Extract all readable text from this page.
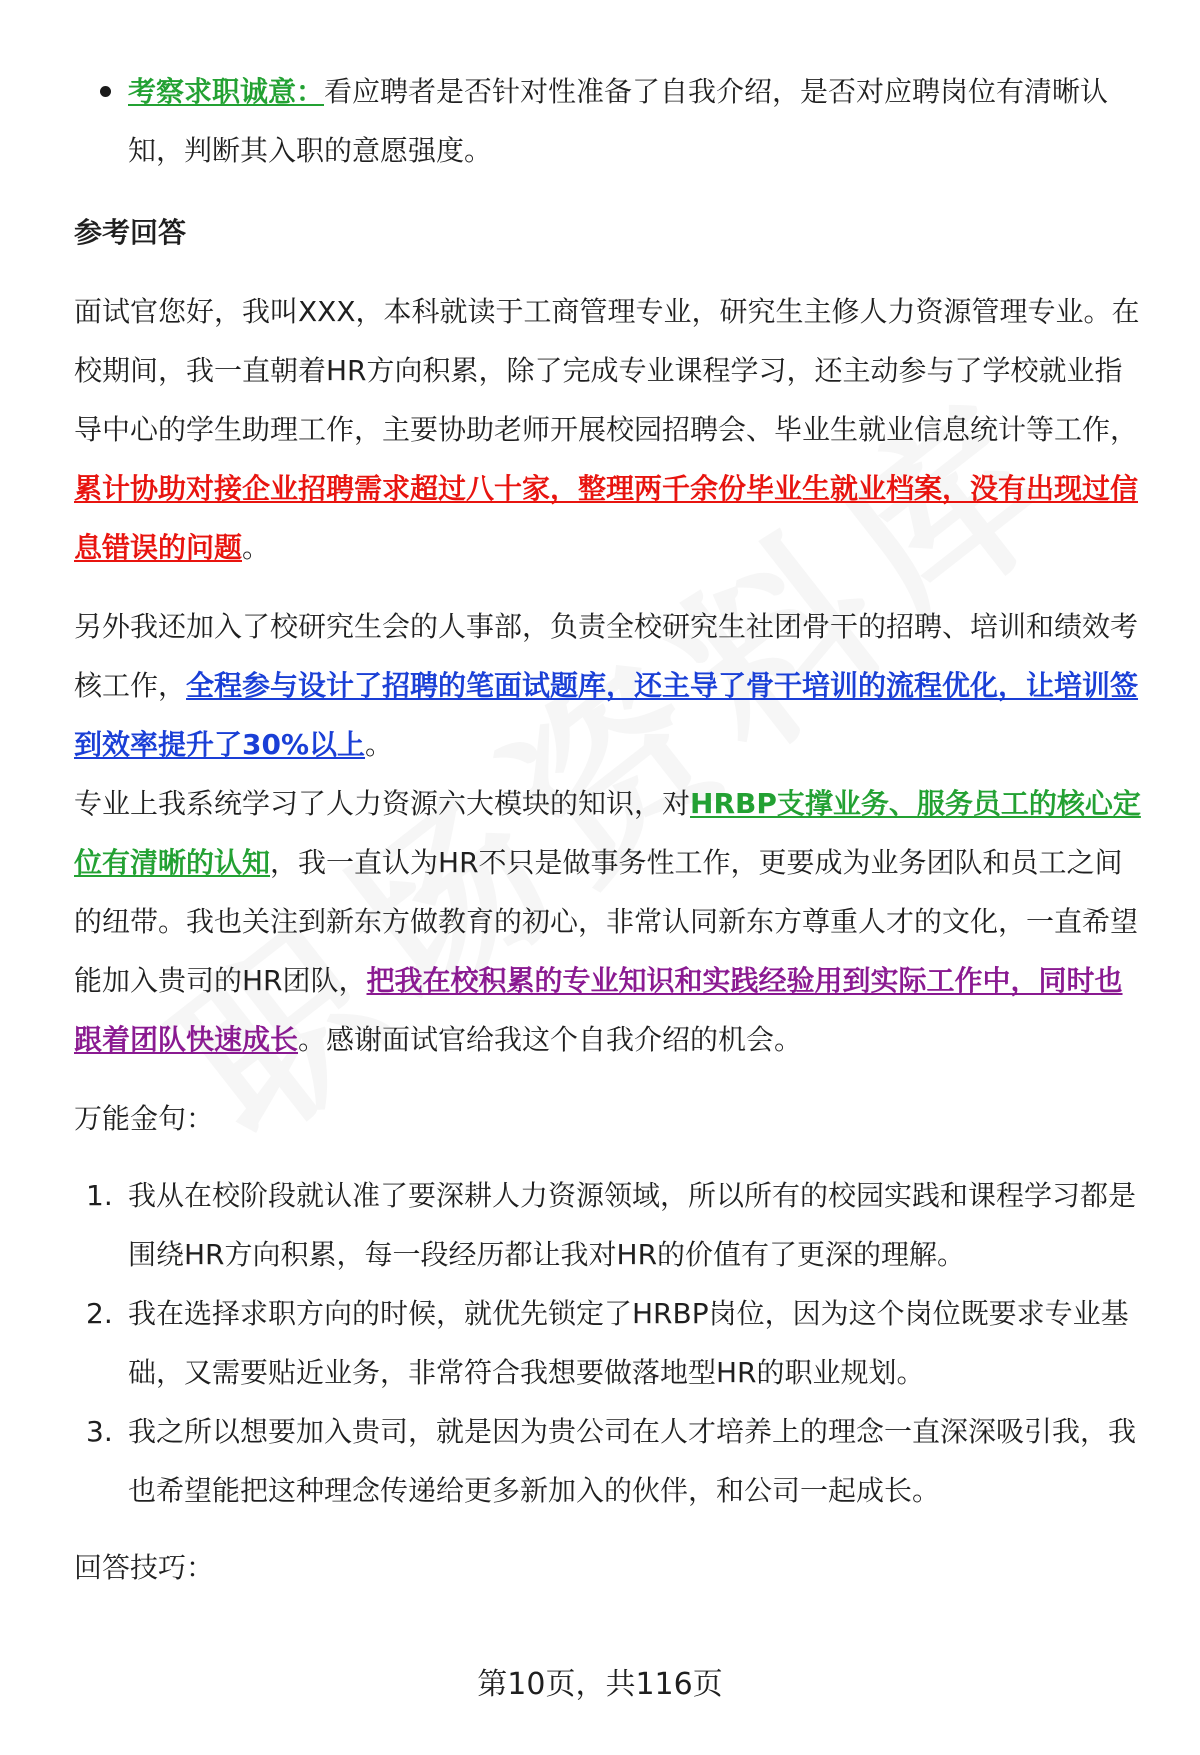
考察求职诚意：看应聘者是否针对性准备了自我介绍，是否对应聘岗位有清晰认知，判断其入职的意愿强度。
参考回答

面试官您好，我叫XXX，本科就读于工商管理专业，研究生主修人力资源管理专业。在校期间，我一直朝着HR方向积累，除了完成专业课程学习，还主动参与了学校就业指导中心的学生助理工作，主要协助老师开展校园招聘会、毕业生就业信息统计等工作，累计协助对接企业招聘需求超过八十家，整理两千余份毕业生就业档案，没有出现过信息错误的问题。

另外我还加入了校研究生会的人事部，负责全校研究生社团骨干的招聘、培训和绩效考核工作，全程参与设计了招聘的笔面试题库，还主导了骨干培训的流程优化，让培训签到效率提升了30%以上。

专业上我系统学习了人力资源六大模块的知识，对HRBP支撑业务、服务员工的核心定位有清晰的认知，我一直认为HR不只是做事务性工作，更要成为业务团队和员工之间的纽带。我也关注到新东方做教育的初心，非常认同新东方尊重人才的文化，一直希望能加入贵司的HR团队，把我在校积累的专业知识和实践经验用到实际工作中，同时也跟着团队快速成长。感谢面试官给我这个自我介绍的机会。

万能金句：

1. 我从在校阶段就认准了要深耕人力资源领域，所以所有的校园实践和课程学习都是围绕HR方向积累，每一段经历都让我对HR的价值有了更深的理解。
2. 我在选择求职方向的时候，就优先锁定了HRBP岗位，因为这个岗位既要求专业基础，又需要贴近业务，非常符合我想要做落地型HR的职业规划。
3. 我之所以想要加入贵司，就是因为贵公司在人才培养上的理念一直深深吸引我，我也希望能把这种理念传递给更多新加入的伙伴，和公司一起成长。

回答技巧：

第10页，共116页
